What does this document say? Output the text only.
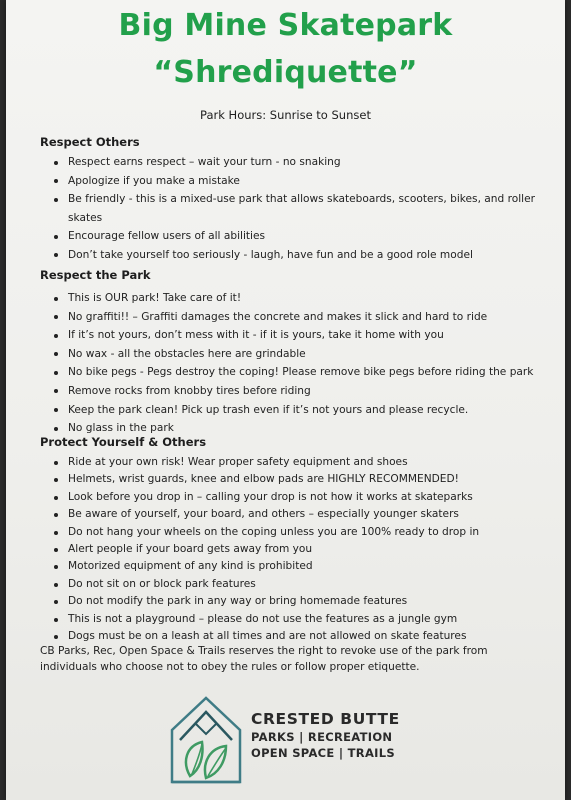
Big Mine Skatepark
“Shrediquette”
Park Hours: Sunrise to Sunset
Respect Others
Respect earns respect – wait your turn - no snaking
Apologize if you make a mistake
Be friendly - this is a mixed-use park that allows skateboards, scooters, bikes, and roller skates
Encourage fellow users of all abilities
Don’t take yourself too seriously - laugh, have fun and be a good role model
Respect the Park
This is OUR park! Take care of it!
No graffiti!! – Graffiti damages the concrete and makes it slick and hard to ride
If it’s not yours, don’t mess with it - if it is yours, take it home with you
No wax - all the obstacles here are grindable
No bike pegs - Pegs destroy the coping! Please remove bike pegs before riding the park
Remove rocks from knobby tires before riding
Keep the park clean! Pick up trash even if it’s not yours and please recycle.
No glass in the park
Protect Yourself & Others
Ride at your own risk! Wear proper safety equipment and shoes
Helmets, wrist guards, knee and elbow pads are HIGHLY RECOMMENDED!
Look before you drop in – calling your drop is not how it works at skateparks
Be aware of yourself, your board, and others – especially younger skaters
Do not hang your wheels on the coping unless you are 100% ready to drop in
Alert people if your board gets away from you
Motorized equipment of any kind is prohibited
Do not sit on or block park features
Do not modify the park in any way or bring homemade features
This is not a playground – please do not use the features as a jungle gym
Dogs must be on a leash at all times and are not allowed on skate features
CB Parks, Rec, Open Space & Trails reserves the right to revoke use of the park from individuals who choose not to obey the rules or follow proper etiquette.
CRESTED BUTTE
PARKS | RECREATION
OPEN SPACE | TRAILS
